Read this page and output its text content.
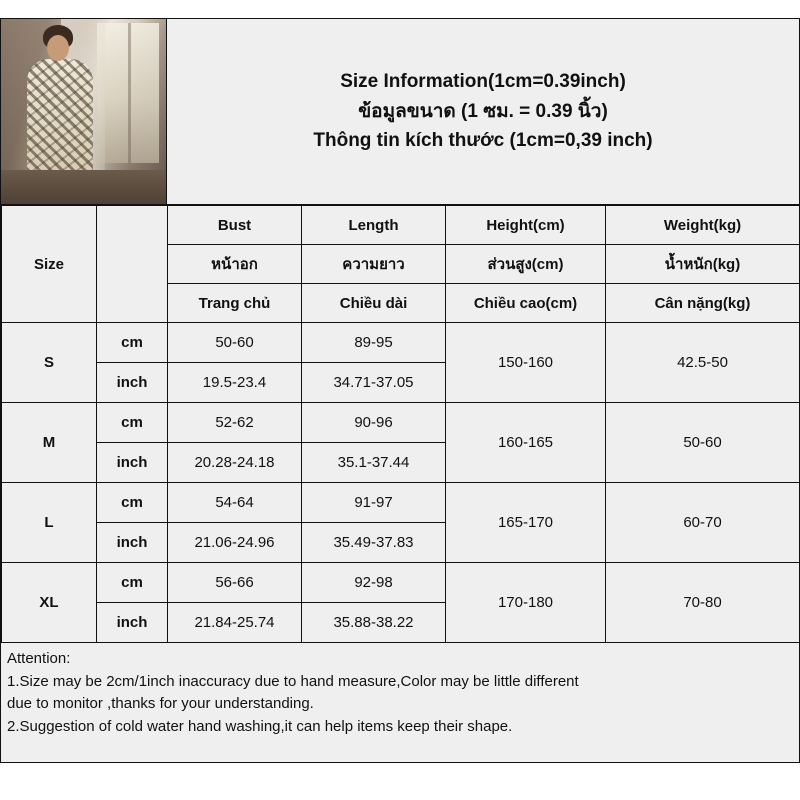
Size Information(1cm=0.39inch)
ข้อมูลขนาด (1 ซม. = 0.39 นิ้ว)
Thông tin kích thước (1cm=0,39 inch)
Size		Bust	Length	Height(cm)	Weight(kg)
		หน้าอก	ความยาว	ส่วนสูง(cm)	น้ำหนัก(kg)
		Trang chủ	Chiều dài	Chiều cao(cm)	Cân nặng(kg)
S	cm	50-60	89-95	150-160	42.5-50
	inch	19.5-23.4	34.71-37.05		
M	cm	52-62	90-96	160-165	50-60
	inch	20.28-24.18	35.1-37.44		
L	cm	54-64	91-97	165-170	60-70
	inch	21.06-24.96	35.49-37.83		
XL	cm	56-66	92-98	170-180	70-80
	inch	21.84-25.74	35.88-38.22		
Attention:
1.Size may be 2cm/1inch inaccuracy due to hand measure,Color may be little different
due to monitor ,thanks for your understanding.
2.Suggestion of cold water hand washing,it can help items keep their shape.
